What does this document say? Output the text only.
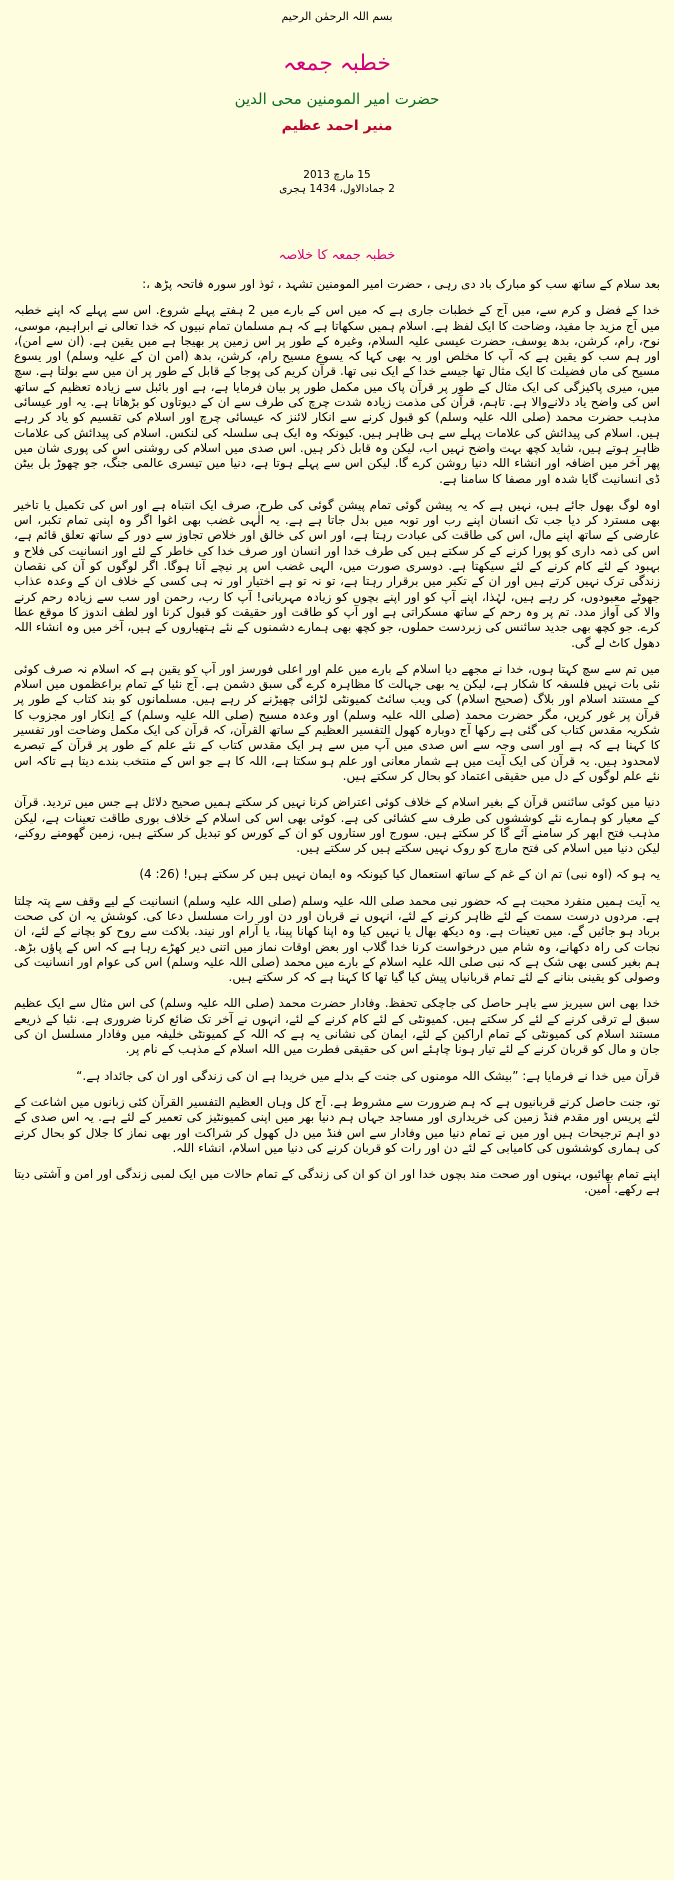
بسم اللہ الرحمٰن الرحیم
خطبہ جمعہ
حضرت امیر المومنین محی الدین
منیر احمد عظیم
15 مارچ 2013
2 جمادالاول، 1434 ہجری
خطبہ جمعہ کا خلاصہ

بعد سلام کے ساتھ سب کو مبارک باد دی رہی ، حضرت امیر المومنین تشہد ، ثوذ اور سورہ فاتحہ پڑھ ،:

خدا کے فضل و کرم سے، میں آج کے خطبات جاری ہے کہ میں اس کے بارے میں 2 ہفتے پہلے شروع. اس سے پہلے کہ اپنے خطبہ میں آج مزید جا مفید، وضاحت کا ایک لفظ ہے. اسلام ہمیں سکھاتا ہے کہ ہم مسلمان تمام نبیوں کہ خدا تعالی نے ابراہیم، موسی، نوح، رام، کرشن، بدھ یوسف، حضرت عیسی علیہ السلام، وغیرہ کے طور پر اس زمین پر بھیجا ہے میں یقین ہے. (ان سے امن)، اور ہم سب کو یقین ہے کہ آپ کا مخلص اور یہ بھی کہا کہ یسوع مسیح رام، کرشن، بدھ (امن ان کے علیہ وسلم) اور یسوع مسیح کی ماں فضیلت کا ایک مثال تھا جیسے خدا کے ایک نبی تھا. قرآن کریم کی پوجا کے قابل کے طور پر ان میں سے بولتا ہے. سچ میں، میری پاکیزگی کی ایک مثال کے طور پر قرآن پاک میں مکمل طور پر بیان فرمایا ہے، ہے اور بائبل سے زیادہ تعظیم کے ساتھ اس کی واضح یاد دلانےوالا ہے. تاہم، قرآن کی مذمت زیادہ شدت چرچ کی طرف سے ان کے دیوتاوں کو بڑھاتا ہے. یہ اور عیسائی مذہب حضرت محمد (صلی اللہ علیہ وسلم) کو قبول کرنے سے انکار لائنز کہ عیسائی چرچ اور اسلام کی تقسیم کو یاد کر رہے ہیں. اسلام کی پیدائش کی علامات پہلے سے ہی ظاہر ہیں. کیونکہ وہ ایک ہی سلسلہ کی لنکس. اسلام کی پیدائش کی علامات ظاہر ہوتے ہیں، شاید کچھ بہت واضح نہیں اب، لیکن وہ قابل ذکر ہیں. اس صدی میں اسلام کی روشنی اس کی پوری شان میں پھر آخر میں اضافہ اور انشاء اللہ دنیا روشن کرے گا. لیکن اس سے پہلے ہوتا ہے، دنیا میں تیسری عالمی جنگ، جو چھوڑ بل بیٹن ڈی انسانیت گایا شدہ اور مصفا کا سامنا ہے.

اوہ لوگ بھول جائے ہیں، نہیں ہے کہ یہ پیشن گوئی تمام پیشن گوئی کی طرح، صرف ایک انتباہ ہے اور اس کی تکمیل یا تاخیر بھی مسترد کر دیا جب تک انسان اپنے رب اور توبہ میں بدل جاتا ہے ہے. یہ الٰہی غضب بھی اغوا اگر وہ اپنی تمام تکبر، اس عارضی کے ساتھ اپنے مال، اس کی طاقت کی عبادت رہتا ہے، اور اس کی خالق اور خلاص تجاوز سے دور کے ساتھ تعلق قائم ہے، اس کی ذمہ داری کو پورا کرنے کے کر سکتے ہیں کی طرف خدا اور انسان اور صرف خدا کی خاطر کے لئے اور انسانیت کی فلاح و بہبود کے لئے کام کرنے کے لئے سیکھتا ہے. دوسری صورت میں، الہی غضب اس پر نیچے آنا ہوگا. اگر لوگوں کو آن کی نقصان زندگی ترک نہیں کرتے ہیں اور ان کے تکبر میں برقرار رہتا ہے، تو نہ تو ہے اختیار اور نہ ہی کسی کے خلاف ان کے وعدہ عذاب جھوٹے معبودوں، کر رہے ہیں، لہٰذا، اپنے آپ کو اور اپنے بچوں کو زیادہ مہربانی! آپ کا رب، رحمن اور سب سے زیادہ رحم کرنے والا کی آواز مدد. تم پر وہ رحم کے ساتھ مسکراتی ہے اور آپ کو طاقت اور حقیقت کو قبول کرنا اور لطف اندوز کا موقع عطا کرے. جو کچھ بھی جدید سائنس کی زبردست حملوں، جو کچھ بھی ہمارے دشمنوں کے نئے ہتھیاروں کے ہیں، آخر میں وہ انشاء اللہ دھول کاٹ لے گی.

میں تم سے سچ کہتا ہوں، خدا نے مجھے دیا اسلام کے بارے میں علم اور اعلی فورسز اور آپ کو یقین ہے کہ اسلام نہ صرف کوئی نئی بات نہیں فلسفہ کا شکار ہے، لیکن یہ بھی جہالت کا مظاہرہ کرے گی سبق دشمن ہے. آج نئیا کے تمام براعظموں میں اسلام کے مستند اسلام اور بلاگ (صحیح اسلام) کی ویب سائٹ کمیونٹی لڑائی چھیڑنے کر رہے ہیں. مسلمانوں کو بند کتاب کے طور پر قرآن پر غور کریں، مگر حضرت محمد (صلی اللہ علیہ وسلم) اور وعدہ مسیح (صلی اللہ علیہ وسلم) کے اِنکار اور مجزوب کا شکریہ مقدس کتاب کی گئی ہے رکھا آج دوبارہ کھول التفسیر العظیم کے ساتھ القرآن، کہ قرآن کی ایک مکمل وضاحت اور تفسیر کا کہنا ہے کہ ہے اور اسی وجہ سے اس صدی میں آپ میں سے ہر ایک مقدس کتاب کے نئے علم کے طور پر قرآن کے تبصرے لامحدود ہیں. یہ قرآن کی ایک آیت میں ہے شمار معانی اور علم ہو سکتا ہے، اللہ کا ہے جو اس کے منتخب بندے دیتا ہے تاکہ اس نئے علم لوگوں کے دل میں حقیقی اعتماد کو بحال کر سکتے ہیں.

دنیا میں کوئی سائنس قرآن کے بغیر اسلام کے خلاف کوئی اعتراض کرنا نہیں کر سکتے ہمیں صحیح دلائل ہے جس میں تردید. قرآن کے معیار کو ہمارے نئے کوششوں کی طرف سے کشائی کی ہے. کوئی بھی اس کی اسلام کے خلاف بوری طاقت تعینات ہے، لیکن مذہب فتح ابھر کر سامنے آئے گا کر سکتے ہیں. سورج اور ستاروں کو ان کے کورس کو تبدیل کر سکتے ہیں، زمین گھومنے روکنے، لیکن دنیا میں اسلام کی فتح مارچ کو روک نہیں سکتے ہیں کر سکتے ہیں.

یہ ہو کہ (اوہ نبی) تم ان کے غم کے ساتھ استعمال کیا کیونکہ وہ ایمان نہیں ہیں کر سکتے ہیں! (26: 4)

یہ آیت ہمیں منفرد محبت ہے کہ حضور نبی محمد صلی اللہ علیہ وسلم (صلی اللہ علیہ وسلم) انسانیت کے لیے وقف سے پتہ چلتا ہے. مردوں درست سمت کے لئے ظاہر کرنے کے لئے، انہوں نے قربان اور دن اور رات مسلسل دعا کی. کوشش یہ ان کی صحت برباد ہو جائیں گے. میں تعینات ہے. وہ دیکھ بھال یا نہیں کیا وہ اپنا کھانا پینا، یا آرام اور نیند. بلاکت سے روح کو بچانے کے لئے، ان نجات کی راہ دکھانے، وہ شام میں درخواست کرنا خدا گلاب اور بعض اوقات نماز میں اتنی دیر کھڑے رہا ہے کہ اس کے پاؤں بڑھ. ہم بغیر کسی بھی شک ہے کہ نبی صلی اللہ علیہ اسلام کے بارے میں محمد (صلی اللہ علیہ وسلم) اس کی عوام اور انسانیت کی وصولی کو یقینی بنانے کے لئے تمام قربانیاں پیش کیا گیا تھا کا کہنا ہے کہ کر سکتے ہیں.

خدا بھی اس سیریز سے باہر حاصل کی جاچکی تحفظ. وفادار حضرت محمد (صلی اللہ علیہ وسلم) کی اس مثال سے ایک عظیم سبق لے ترقی کرنے کے لئے کر سکتے ہیں. کمیونٹی کے لئے کام کرنے کے لئے، انہوں نے آخر تک ضائع کرنا ضروری ہے. نئیا کے ذریعے مستند اسلام کی کمیونٹی کے تمام اراکین کے لئے، ایمان کی نشانی یہ ہے کہ اللہ کے کمیونٹی خلیفہ میں وفادار مسلسل ان کی جان و مال کو قربان کرنے کے لئے تیار ہونا چاہئے اس کی حقیقی فطرت میں اللہ اسلام کے مذہب کے نام پر.

قرآن میں خدا نے فرمایا ہے: ”بیشک اللہ مومنوں کی جنت کے بدلے میں خریدا ہے ان کی زندگی اور ان کی جائداد ہے.“

تو، جنت حاصل کرنے قربانیوں ہے کہ ہم ضرورت سے مشروط ہے. آج کل وہاں العظیم التفسیر القرآن کئی زبانوں میں اشاعت کے لئے پریس اور مقدم فنڈ زمین کی خریداری اور مساجد جہاں ہم دنیا بھر میں اپنی کمیونٹیز کی تعمیر کے لئے ہے. یہ اس صدی کے دو اہم ترجیحات ہیں اور میں نے تمام دنیا میں وفادار سے اس فنڈ میں دل کھول کر شراکت اور بھی نماز کا جلال کو بحال کرنے کی ہماری کوششوں کی کامیابی کے لئے دن اور رات کو قربان کرنے کی دنیا میں اسلام، انشاء اللہ.

اپنے تمام بھائیوں، بہنوں اور صحت مند بچوں خدا اور ان کو ان کی زندگی کے تمام حالات میں ایک لمبی زندگی اور امن و آشتی دیتا ہے رکھے. آمین.
